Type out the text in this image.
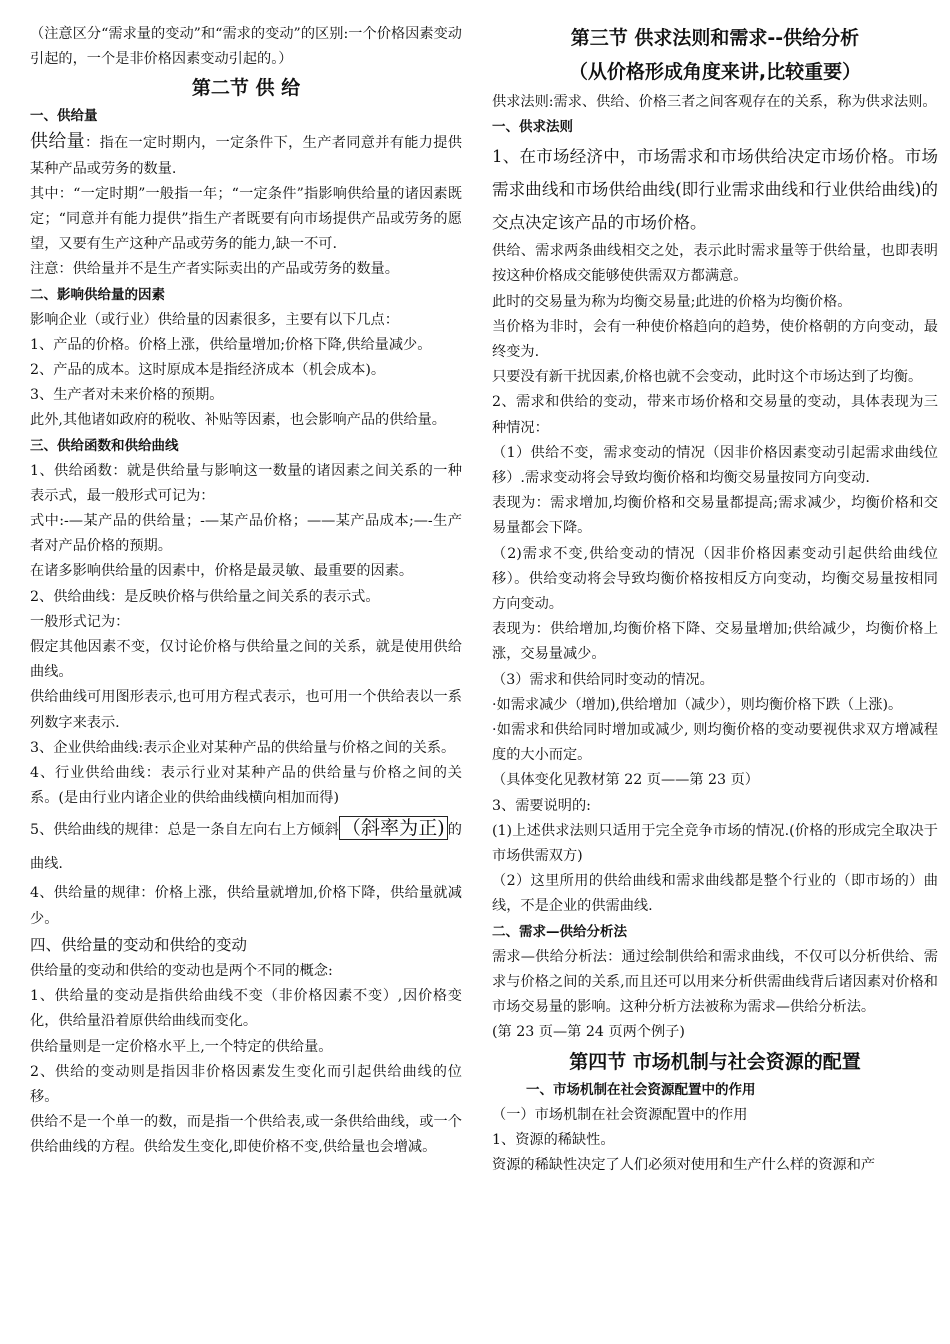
（注意区分“需求量的变动”和“需求的变动”的区别:一个价格因素变动引起的，一个是非价格因素变动引起的。）

第二节 供 给

一、供给量

供给量：指在一定时期内，一定条件下，生产者同意并有能力提供某种产品或劳务的数量.

其中：“一定时期”一般指一年；“一定条件”指影响供给量的诸因素既定；“同意并有能力提供”指生产者既要有向市场提供产品或劳务的愿望，又要有生产这种产品或劳务的能力,缺一不可.

注意：供给量并不是生产者实际卖出的产品或劳务的数量。

二、影响供给量的因素

影响企业（或行业）供给量的因素很多，主要有以下几点：

1、产品的价格。价格上涨，供给量增加;价格下降,供给量减少。

2、产品的成本。这时原成本是指经济成本（机会成本)。

3、生产者对未来价格的预期。

此外,其他诸如政府的税收、补贴等因素，也会影响产品的供给量。

三、供给函数和供给曲线

1、供给函数：就是供给量与影响这一数量的诸因素之间关系的一种表示式，最一般形式可记为：

式中:-—某产品的供给量；-—某产品价格；——某产品成本;—-生产者对产品价格的预期。

在诸多影响供给量的因素中，价格是最灵敏、最重要的因素。

2、供给曲线：是反映价格与供给量之间关系的表示式。

一般形式记为：

假定其他因素不变，仅讨论价格与供给量之间的关系，就是使用供给曲线。

供给曲线可用图形表示,也可用方程式表示，也可用一个供给表以一系列数字来表示.

3、企业供给曲线:表示企业对某种产品的供给量与价格之间的关系。

4、行业供给曲线：表示行业对某种产品的供给量与价格之间的关系。(是由行业内诸企业的供给曲线横向相加而得)

5、供给曲线的规律：总是一条自左向右上方倾斜 （斜率为正) 的曲线.

4、供给量的规律：价格上涨，供给量就增加,价格下降，供给量就减少。

四、供给量的变动和供给的变动

供给量的变动和供给的变动也是两个不同的概念:

1、供给量的变动是指供给曲线不变（非价格因素不变）,因价格变化，供给量沿着原供给曲线而变化。

供给量则是一定价格水平上,一个特定的供给量。

2、供给的变动则是指因非价格因素发生变化而引起供给曲线的位移。

供给不是一个单一的数，而是指一个供给表,或一条供给曲线，或一个供给曲线的方程。供给发生变化,即使价格不变,供给量也会增减。

第三节 供求法则和需求--供给分析

（从价格形成角度来讲,比较重要）

供求法则:需求、供给、价格三者之间客观存在的关系，称为供求法则。

一、供求法则

1、在市场经济中，市场需求和市场供给决定市场价格。市场需求曲线和市场供给曲线(即行业需求曲线和行业供给曲线)的交点决定该产品的市场价格。

供给、需求两条曲线相交之处，表示此时需求量等于供给量，也即表明按这种价格成交能够使供需双方都满意。

此时的交易量为称为均衡交易量;此进的价格为均衡价格。

当价格为非时，会有一种使价格趋向的趋势，使价格朝的方向变动，最终变为.

只要没有新干扰因素,价格也就不会变动，此时这个市场达到了均衡。

2、需求和供给的变动，带来市场价格和交易量的变动，具体表现为三种情况：

（1）供给不变，需求变动的情况（因非价格因素变动引起需求曲线位移）.需求变动将会导致均衡价格和均衡交易量按同方向变动.

表现为：需求增加,均衡价格和交易量都提高;需求减少，均衡价格和交易量都会下降。

（2)需求不变,供给变动的情况（因非价格因素变动引起供给曲线位移）。供给变动将会导致均衡价格按相反方向变动，均衡交易量按相同方向变动。

表现为：供给增加,均衡价格下降、交易量增加;供给减少，均衡价格上涨，交易量减少。

（3）需求和供给同时变动的情况。

·如需求减少（增加),供给增加（减少），则均衡价格下跌（上涨)。

·如需求和供给同时增加或减少, 则均衡价格的变动要视供求双方增减程度的大小而定。

（具体变化见教材第 22 页——第 23 页）

3、需要说明的:

(1)上述供求法则只适用于完全竞争市场的情况.(价格的形成完全取决于市场供需双方)

（2）这里所用的供给曲线和需求曲线都是整个行业的（即市场的）曲线，不是企业的供需曲线.

二、需求—供给分析法

需求—供给分析法：通过绘制供给和需求曲线，不仅可以分析供给、需求与价格之间的关系,而且还可以用来分析供需曲线背后诸因素对价格和市场交易量的影响。这种分析方法被称为需求—供给分析法。

(第 23 页—第 24 页两个例子)

第四节 市场机制与社会资源的配置

一、市场机制在社会资源配置中的作用

（一）市场机制在社会资源配置中的作用

1、资源的稀缺性。

资源的稀缺性决定了人们必须对使用和生产什么样的资源和产
